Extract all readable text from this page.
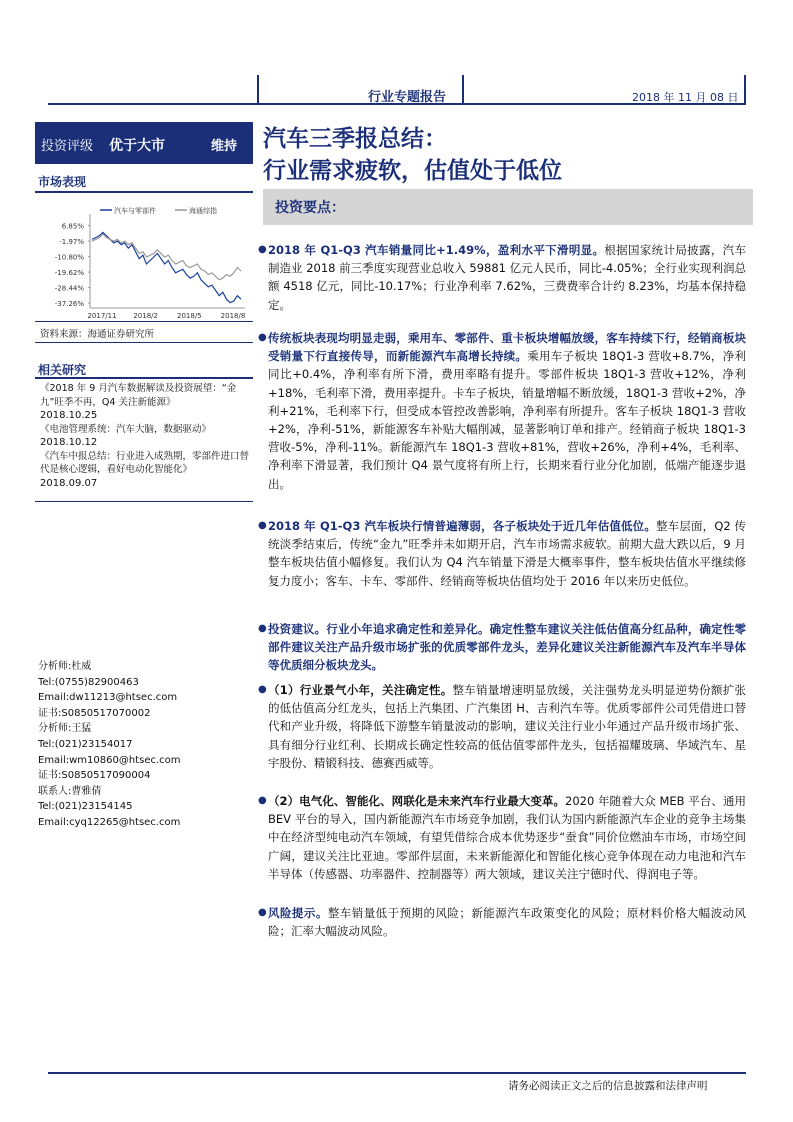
行业专题报告	2018 年 11 月 08 日
投资评级 优于大市	维持
市场表现
6.85%
-1.97%
-10.80%
-19.62%
-28.44%
-37.26%
2017/11 2018/2	2018/5	2018/8
汽车与零部件	海通综指
资料来源：海通证券研究所
相关研究
《2018 年 9 月汽车数据解读及投资展望：“金九”旺季不再，Q4 关注新能源》
2018.10.25
《电池管理系统：汽车大脑，数据驱动》
2018.10.12
《汽车中报总结：行业进入成熟期，零部件进口替代是核心逻辑，看好电动化智能化》
2018.09.07
分析师:杜威
Tel:(0755)82900463
Email:dw11213@htsec.com
证书:S0850517070002
分析师:王猛
Tel:(021)23154017
Email:wm10860@htsec.com
证书:S0850517090004
联系人:曹雅倩
Tel:(021)23154145
Email:cyq12265@htsec.com
汽车三季报总结：
行业需求疲软，估值处于低位
投资要点：
● 2018 年 Q1-Q3 汽车销量同比+1.49%，盈利水平下滑明显。根据国家统计局披露，汽车制造业 2018 前三季度实现营业总收入 59881 亿元人民币，同比-4.05%；全行业实现利润总额 4518 亿元，同比-10.17%；行业净利率 7.62%，三费费率合计约 8.23%，均基本保持稳定。
● 传统板块表现均明显走弱，乘用车、零部件、重卡板块增幅放缓，客车持续下行，经销商板块受销量下行直接传导，而新能源汽车高增长持续。乘用车子板块 18Q1-3 营收+8.7%，净利同比+0.4%，净利率有所下滑，费用率略有提升。零部件板块 18Q1-3 营收+12%，净利+18%，毛利率下滑，费用率提升。卡车子板块，销量增幅不断放缓，18Q1-3 营收+2%，净利+21%，毛利率下行，但受成本管控改善影响，净利率有所提升。客车子板块 18Q1-3 营收+2%，净利-51%，新能源客车补贴大幅削减，显著影响订单和排产。经销商子板块 18Q1-3 营收-5%，净利-11%。新能源汽车 18Q1-3 营收+81%，营收+26%，净利+4%，毛利率、净利率下滑显著，我们预计 Q4 景气度将有所上行，长期来看行业分化加剧，低端产能逐步退出。
● 2018 年 Q1-Q3 汽车板块行情普遍薄弱，各子板块处于近几年估值低位。整车层面，Q2 传统淡季结束后，传统“金九”旺季并未如期开启，汽车市场需求疲软。前期大盘大跌以后，9 月整车板块估值小幅修复。我们认为 Q4 汽车销量下滑是大概率事件，整车板块估值水平继续修复力度小；客车、卡车、零部件、经销商等板块估值均处于 2016 年以来历史低位。
● 投资建议。行业小年追求确定性和差异化。确定性整车建议关注低估值高分红品种，确定性零部件建议关注产品升级市场扩张的优质零部件龙头，差异化建议关注新能源汽车及汽车半导体等优质细分板块龙头。
● （1）行业景气小年，关注确定性。整车销量增速明显放缓，关注强势龙头明显逆势份额扩张的低估值高分红龙头，包括上汽集团、广汽集团 H、吉利汽车等。优质零部件公司凭借进口替代和产业升级，将降低下游整车销量波动的影响，建议关注行业小年通过产品升级市场扩张、具有细分行业红利、长期成长确定性较高的低估值零部件龙头，包括福耀玻璃、华域汽车、星宇股份、精锻科技、德赛西威等。
● （2）电气化、智能化、网联化是未来汽车行业最大变革。2020 年随着大众 MEB 平台、通用 BEV 平台的导入，国内新能源汽车市场竞争加剧，我们认为国内新能源汽车企业的竞争主场集中在经济型纯电动汽车领域，有望凭借综合成本优势逐步“蚕食”同价位燃油车市场，市场空间广阔，建议关注比亚迪。零部件层面，未来新能源化和智能化核心竞争体现在动力电池和汽车半导体（传感器、功率器件、控制器等）两大领域，建议关注宁德时代、得润电子等。
● 风险提示。整车销量低于预期的风险；新能源汽车政策变化的风险；原材料价格大幅波动风险；汇率大幅波动风险。
请务必阅读正文之后的信息披露和法律声明
